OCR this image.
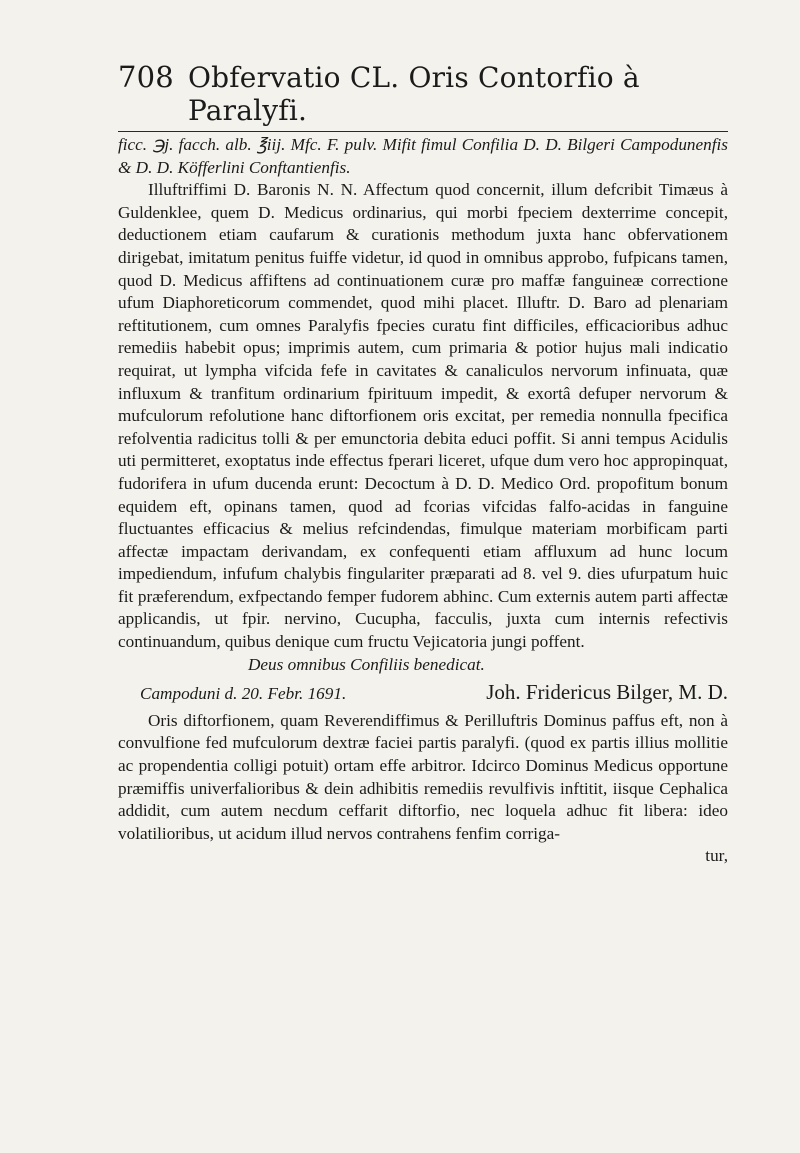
708 Obfervatio CL. Oris Contorfio à Paralyfi.

ficc. ℈j. facch. alb. ℥iij. Mfc. F. pulv. Mifit fimul Confilia D. D. Bilgeri Campodunenfis & D. D. Köfferlini Conftantienfis.

Illuftriffimi D. Baronis N. N. Affectum quod concernit, illum defcribit Timæus à Guldenklee, quem D. Medicus ordinarius, qui morbi fpeciem dexterrime concepit, deductionem etiam caufarum & curationis methodum juxta hanc obfervationem dirigebat, imitatum penitus fuiffe videtur, id quod in omnibus approbo, fufpicans tamen, quod D. Medicus affiftens ad continuationem curæ pro maffæ fanguineæ correctione ufum Diaphoreticorum commendet, quod mihi placet. Illuftr. D. Baro ad plenariam reftitutionem, cum omnes Paralyfis fpecies curatu fint difficiles, efficacioribus adhuc remediis habebit opus; imprimis autem, cum primaria & potior hujus mali indicatio requirat, ut lympha vifcida fefe in cavitates & canaliculos nervorum infinuata, quæ influxum & tranfitum ordinarium fpirituum impedit, & exortâ defuper nervorum & mufculorum refolutione hanc diftorfionem oris excitat, per remedia nonnulla fpecifica refolventia radicitus tolli & per emunctoria debita educi poffit. Si anni tempus Acidulis uti permitteret, exoptatus inde effectus fperari liceret, ufque dum vero hoc appropinquat, fudorifera in ufum ducenda erunt: Decoctum à D. D. Medico Ord. propofitum bonum equidem eft, opinans tamen, quod ad fcorias vifcidas falfo-acidas in fanguine fluctuantes efficacius & melius refcindendas, fimulque materiam morbificam parti affectæ impactam derivandam, ex confequenti etiam affluxum ad hunc locum impediendum, infufum chalybis fingulariter præparati ad 8. vel 9. dies ufurpatum huic fit præferendum, exfpectando femper fudorem abhinc. Cum externis autem parti affectæ applicandis, ut fpir. nervino, Cucupha, facculis, juxta cum internis refectivis continuandum, quibus denique cum fructu Vejicatoria jungi poffent.

Deus omnibus Confiliis benedicat.

Campoduni d. 20. Febr. 1691.	Joh. Fridericus Bilger, M. D.

Oris diftorfionem, quam Reverendiffimus & Perilluftris Dominus paffus eft, non à convulfione fed mufculorum dextræ faciei partis paralyfi. (quod ex partis illius mollitie ac propendentia colligi potuit) ortam effe arbitror. Idcirco Dominus Medicus opportune præmiffis univerfalioribus & dein adhibitis remediis revulfivis inftitit, iisque Cephalica addidit, cum autem necdum ceffarit diftorfio, nec loquela adhuc fit libera: ideo volatilioribus, ut acidum illud nervos contrahens fenfim corriga-

tur,
